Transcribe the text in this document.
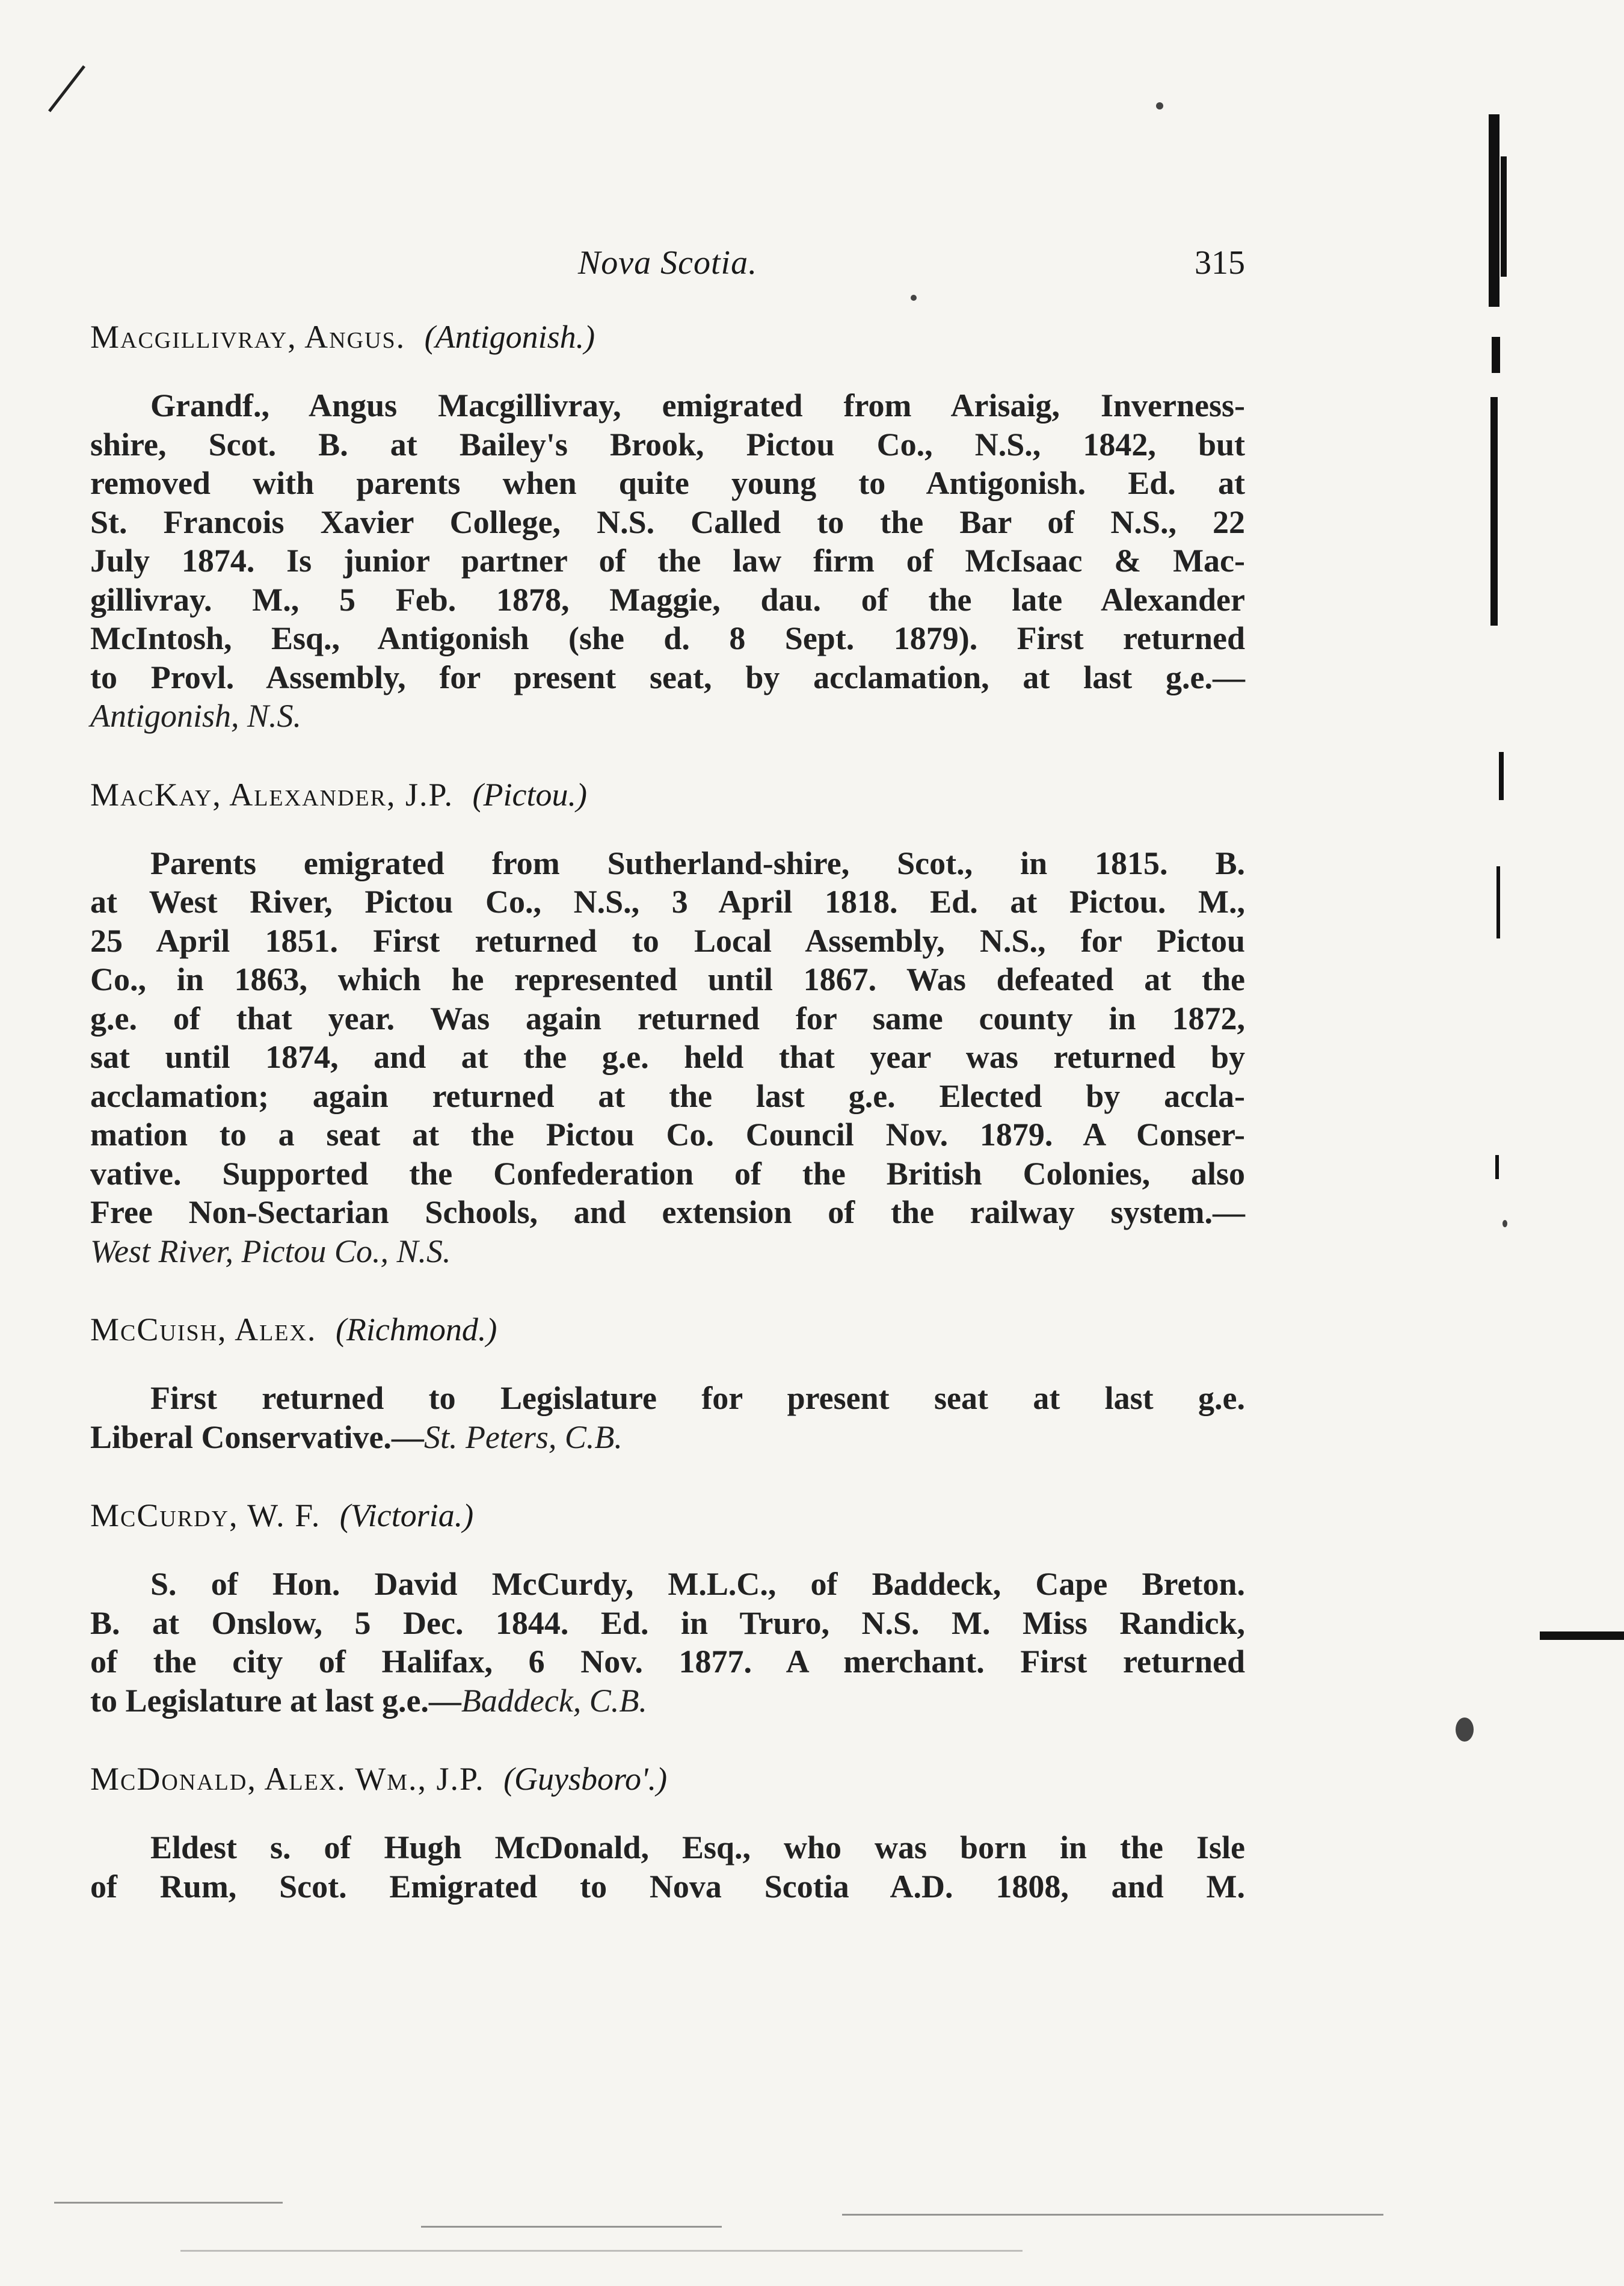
Nova Scotia.	315
Macgillivray, Angus. (Antigonish.)
Grandf., Angus Macgillivray, emigrated from Arisaig, Inverness-
shire, Scot. B. at Bailey's Brook, Pictou Co., N.S., 1842, but
removed with parents when quite young to Antigonish. Ed. at
St. Francois Xavier College, N.S. Called to the Bar of N.S., 22
July 1874. Is junior partner of the law firm of McIsaac & Mac-
gillivray. M., 5 Feb. 1878, Maggie, dau. of the late Alexander
McIntosh, Esq., Antigonish (she d. 8 Sept. 1879). First returned
to Provl. Assembly, for present seat, by acclamation, at last g.e.—
Antigonish, N.S.
MacKay, Alexander, J.P. (Pictou.)
Parents emigrated from Sutherland-shire, Scot., in 1815. B.
at West River, Pictou Co., N.S., 3 April 1818. Ed. at Pictou. M.,
25 April 1851. First returned to Local Assembly, N.S., for Pictou
Co., in 1863, which he represented until 1867. Was defeated at the
g.e. of that year. Was again returned for same county in 1872,
sat until 1874, and at the g.e. held that year was returned by
acclamation; again returned at the last g.e. Elected by accla-
mation to a seat at the Pictou Co. Council Nov. 1879. A Conser-
vative. Supported the Confederation of the British Colonies, also
Free Non-Sectarian Schools, and extension of the railway system.—
West River, Pictou Co., N.S.
McCuish, Alex. (Richmond.)
First returned to Legislature for present seat at last g.e.
Liberal Conservative.—St. Peters, C.B.
McCurdy, W. F. (Victoria.)
S. of Hon. David McCurdy, M.L.C., of Baddeck, Cape Breton.
B. at Onslow, 5 Dec. 1844. Ed. in Truro, N.S. M. Miss Randick,
of the city of Halifax, 6 Nov. 1877. A merchant. First returned
to Legislature at last g.e.—Baddeck, C.B.
McDonald, Alex. Wm., J.P. (Guysboro'.)
Eldest s. of Hugh McDonald, Esq., who was born in the Isle
of Rum, Scot. Emigrated to Nova Scotia A.D. 1808, and M.
